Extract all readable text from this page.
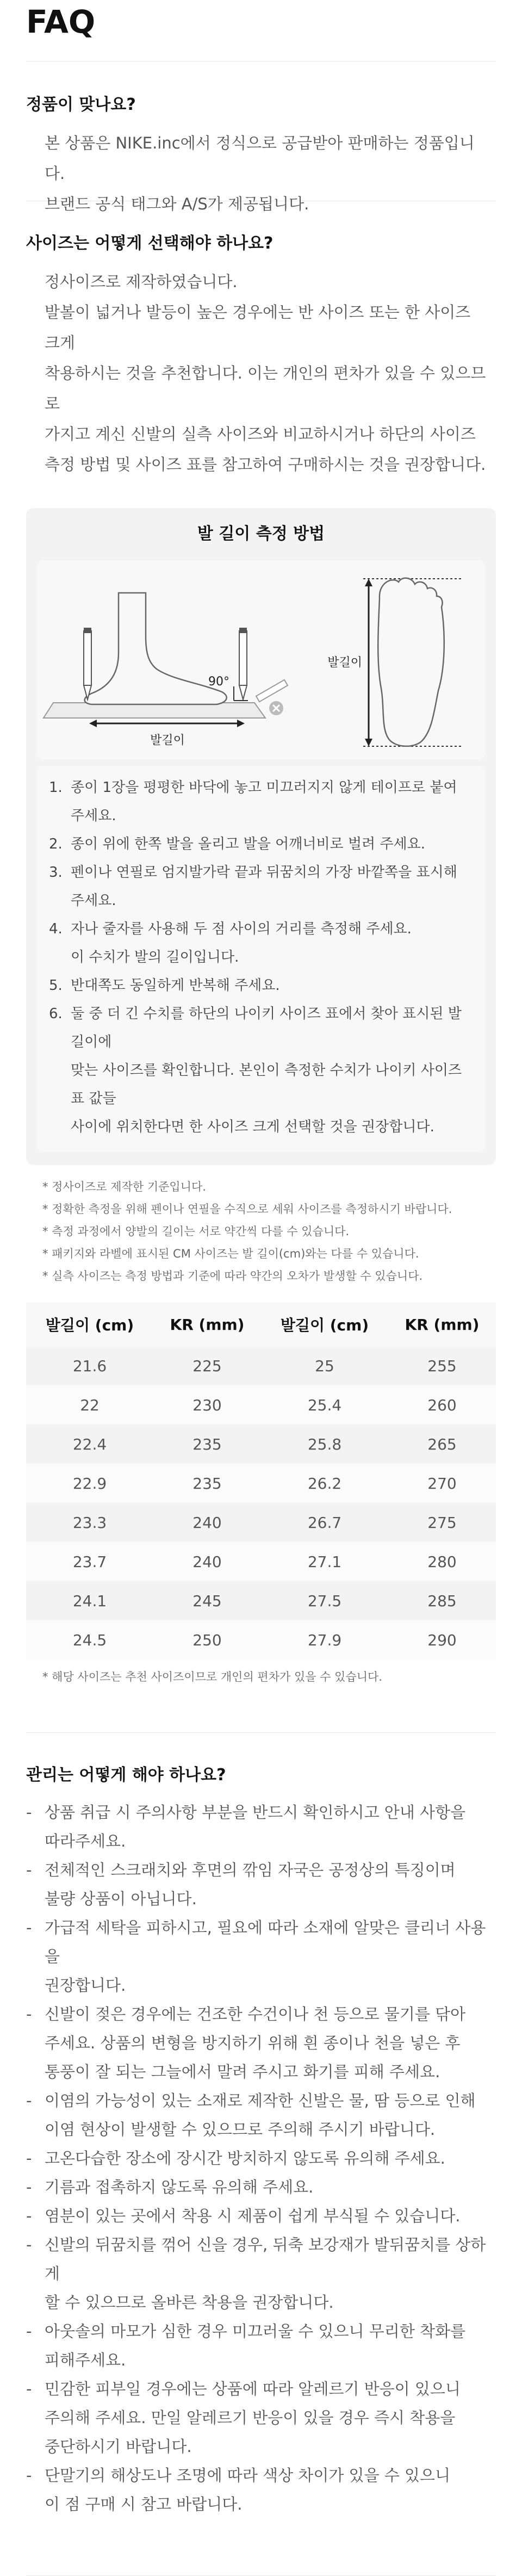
FAQ
정품이 맞나요?

본 상품은 NIKE.inc에서 정식으로 공급받아 판매하는 정품입니다.

브랜드 공식 태그와 A/S가 제공됩니다.

사이즈는 어떻게 선택해야 하나요?

정사이즈로 제작하였습니다.

발볼이 넓거나 발등이 높은 경우에는 반 사이즈 또는 한 사이즈 크게

착용하시는 것을 추천합니다. 이는 개인의 편차가 있을 수 있으므로

가지고 계신 신발의 실측 사이즈와 비교하시거나 하단의 사이즈

측정 방법 및 사이즈 표를 참고하여 구매하시는 것을 권장합니다.

발 길이 측정 방법
90°
발길이
발길이
1. 종이 1장을 평평한 바닥에 놓고 미끄러지지 않게 테이프로 붙여 주세요.
2. 종이 위에 한쪽 발을 올리고 발을 어깨너비로 벌려 주세요.
3. 펜이나 연필로 엄지발가락 끝과 뒤꿈치의 가장 바깥쪽을 표시해 주세요.
4. 자나 줄자를 사용해 두 점 사이의 거리를 측정해 주세요.
이 수치가 발의 길이입니다.
5. 반대쪽도 동일하게 반복해 주세요.
6. 둘 중 더 긴 수치를 하단의 나이키 사이즈 표에서 찾아 표시된 발 길이에
맞는 사이즈를 확인합니다. 본인이 측정한 수치가 나이키 사이즈 표 값들
사이에 위치한다면 한 사이즈 크게 선택할 것을 권장합니다.
* 정사이즈로 제작한 기준입니다.
* 정확한 측정을 위해 펜이나 연필을 수직으로 세워 사이즈를 측정하시기 바랍니다.
* 측정 과정에서 양발의 길이는 서로 약간씩 다를 수 있습니다.
* 패키지와 라벨에 표시된 CM 사이즈는 발 길이(cm)와는 다를 수 있습니다.
* 실측 사이즈는 측정 방법과 기준에 따라 약간의 오차가 발생할 수 있습니다.
발길이 (cm)	KR (mm)	발길이 (cm)	KR (mm)
21.6	225	25	255
22	230	25.4	260
22.4	235	25.8	265
22.9	235	26.2	270
23.3	240	26.7	275
23.7	240	27.1	280
24.1	245	27.5	285
24.5	250	27.9	290
* 해당 사이즈는 추천 사이즈이므로 개인의 편차가 있을 수 있습니다.
관리는 어떻게 해야 하나요?
- 상품 취급 시 주의사항 부분을 반드시 확인하시고 안내 사항을
따라주세요.
- 전체적인 스크래치와 후면의 깎임 자국은 공정상의 특징이며
불량 상품이 아닙니다.
- 가급적 세탁을 피하시고, 필요에 따라 소재에 알맞은 클리너 사용을
권장합니다.
- 신발이 젖은 경우에는 건조한 수건이나 천 등으로 물기를 닦아
주세요. 상품의 변형을 방지하기 위해 흰 종이나 천을 넣은 후
통풍이 잘 되는 그늘에서 말려 주시고 화기를 피해 주세요.
- 이염의 가능성이 있는 소재로 제작한 신발은 물, 땀 등으로 인해
이염 현상이 발생할 수 있으므로 주의해 주시기 바랍니다.
- 고온다습한 장소에 장시간 방치하지 않도록 유의해 주세요.
- 기름과 접촉하지 않도록 유의해 주세요.
- 염분이 있는 곳에서 착용 시 제품이 쉽게 부식될 수 있습니다.
- 신발의 뒤꿈치를 꺾어 신을 경우, 뒤축 보강재가 발뒤꿈치를 상하게
할 수 있으므로 올바른 착용을 권장합니다.
- 아웃솔의 마모가 심한 경우 미끄러울 수 있으니 무리한 착화를
피해주세요.
- 민감한 피부일 경우에는 상품에 따라 알레르기 반응이 있으니
주의해 주세요. 만일 알레르기 반응이 있을 경우 즉시 착용을
중단하시기 바랍니다.
- 단말기의 해상도나 조명에 따라 색상 차이가 있을 수 있으니
이 점 구매 시 참고 바랍니다.
